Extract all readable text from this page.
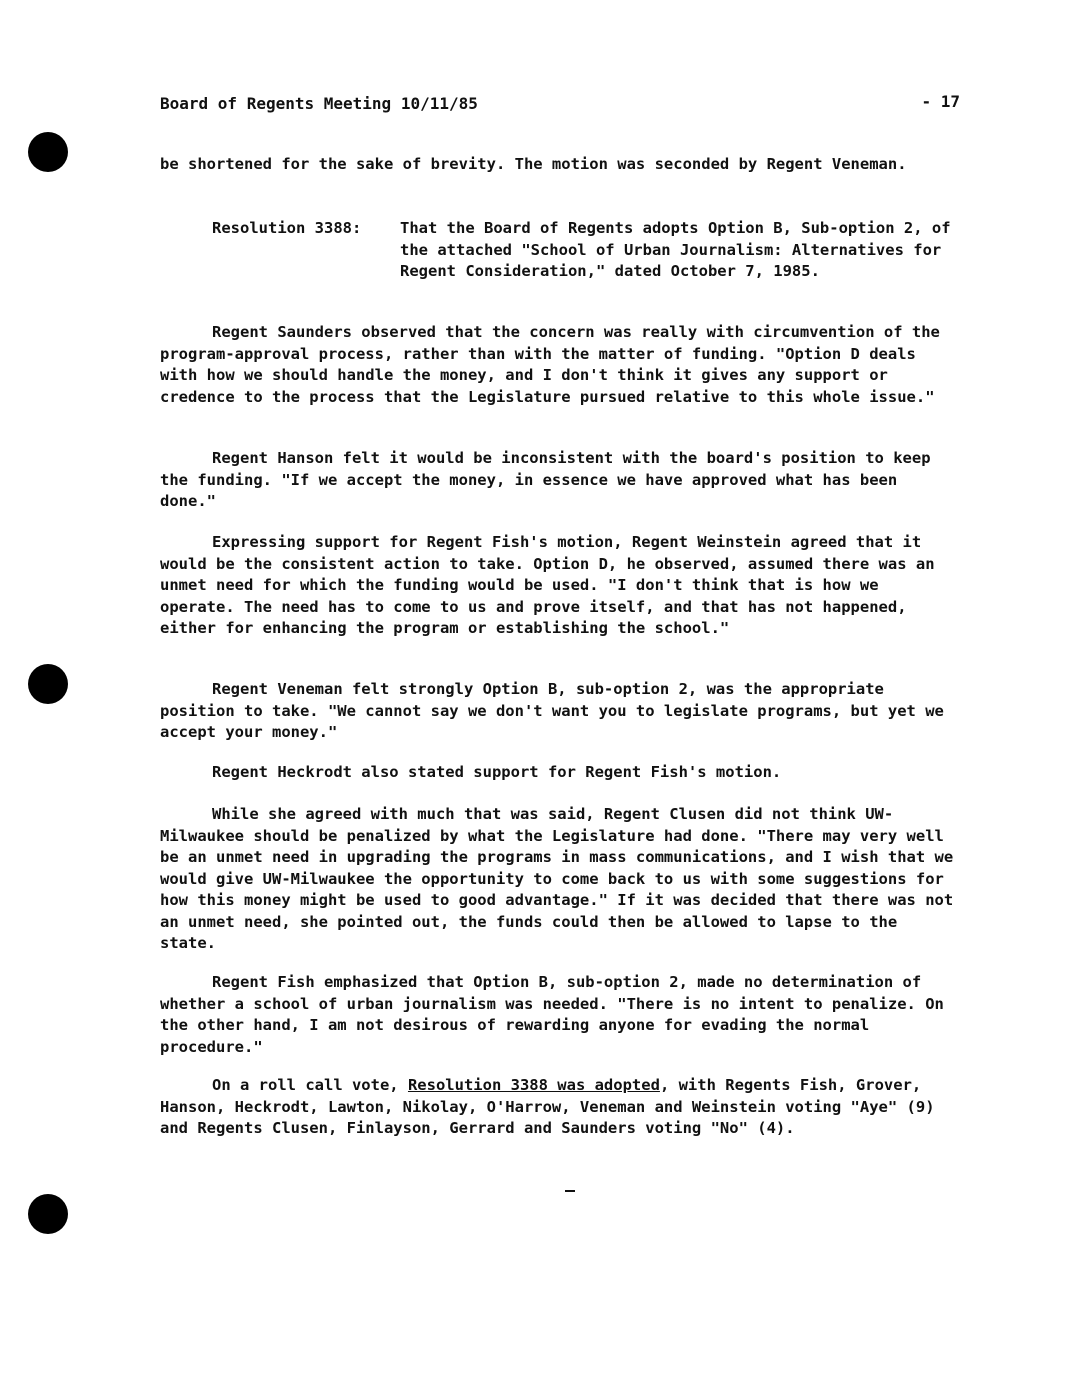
Board of Regents Meeting 10/11/85	- 17

be shortened for the sake of brevity. The motion was seconded by Regent Veneman.

Resolution 3388:	That the Board of Regents adopts Option B, Sub-option 2, of the attached "School of Urban Journalism: Alternatives for Regent Consideration," dated October 7, 1985.

Regent Saunders observed that the concern was really with circumvention of the program-approval process, rather than with the matter of funding. "Option D deals with how we should handle the money, and I don't think it gives any support or credence to the process that the Legislature pursued relative to this whole issue."

Regent Hanson felt it would be inconsistent with the board's position to keep the funding. "If we accept the money, in essence we have approved what has been done."

Expressing support for Regent Fish's motion, Regent Weinstein agreed that it would be the consistent action to take. Option D, he observed, assumed there was an unmet need for which the funding would be used. "I don't think that is how we operate. The need has to come to us and prove itself, and that has not happened, either for enhancing the program or establishing the school."

Regent Veneman felt strongly Option B, sub-option 2, was the appropriate position to take. "We cannot say we don't want you to legislate programs, but yet we accept your money."

Regent Heckrodt also stated support for Regent Fish's motion.

While she agreed with much that was said, Regent Clusen did not think UW-Milwaukee should be penalized by what the Legislature had done. "There may very well be an unmet need in upgrading the programs in mass communications, and I wish that we would give UW-Milwaukee the opportunity to come back to us with some suggestions for how this money might be used to good advantage." If it was decided that there was not an unmet need, she pointed out, the funds could then be allowed to lapse to the state.

Regent Fish emphasized that Option B, sub-option 2, made no determination of whether a school of urban journalism was needed. "There is no intent to penalize. On the other hand, I am not desirous of rewarding anyone for evading the normal procedure."

On a roll call vote, Resolution 3388 was adopted, with Regents Fish, Grover, Hanson, Heckrodt, Lawton, Nikolay, O'Harrow, Veneman and Weinstein voting "Aye" (9) and Regents Clusen, Finlayson, Gerrard and Saunders voting "No" (4).
